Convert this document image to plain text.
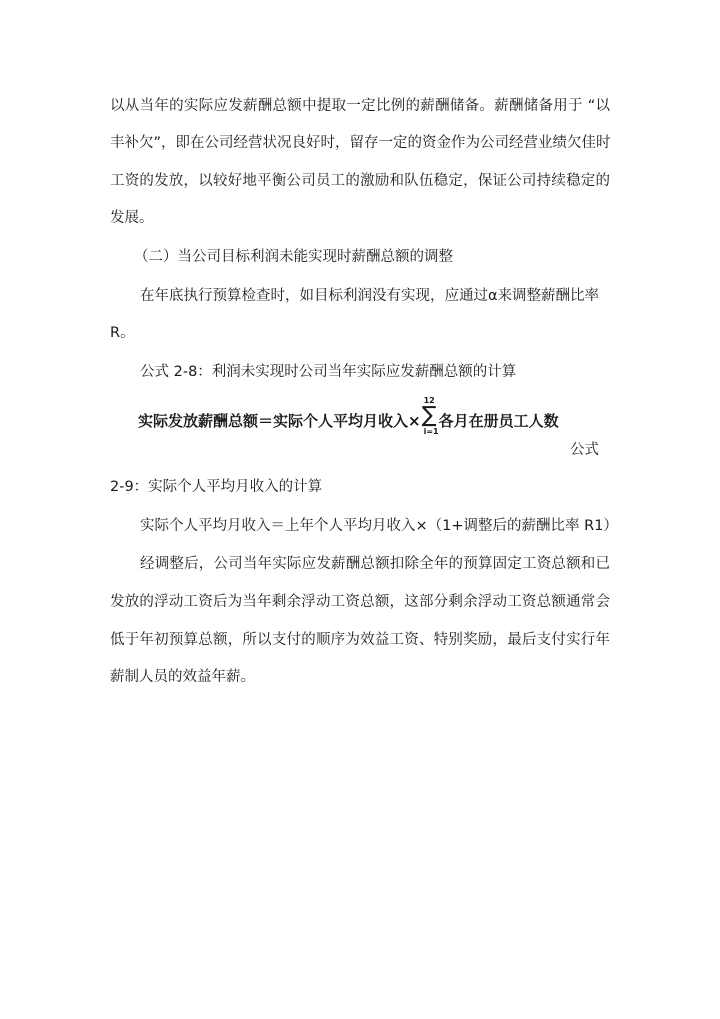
以从当年的实际应发薪酬总额中提取一定比例的薪酬储备。薪酬储备用于 “以
丰补欠”，即在公司经营状况良好时，留存一定的资金作为公司经营业绩欠佳时
工资的发放，以较好地平衡公司员工的激励和队伍稳定，保证公司持续稳定的
发展。
（二）当公司目标利润未能实现时薪酬总额的调整
在年底执行预算检查时，如目标利润没有实现，应通过α来调整薪酬比率
R。
公式 2-8：利润未实现时公司当年实际应发薪酬总额的计算
实际发放薪酬总额＝实际个人平均月收入×
12
∑
i=1
各月在册员工人数
公式
2-9：实际个人平均月收入的计算
实际个人平均月收入＝上年个人平均月收入×（1+调整后的薪酬比率 R1）
经调整后，公司当年实际应发薪酬总额扣除全年的预算固定工资总额和已
发放的浮动工资后为当年剩余浮动工资总额，这部分剩余浮动工资总额通常会
低于年初预算总额，所以支付的顺序为效益工资、特别奖励，最后支付实行年
薪制人员的效益年薪。
